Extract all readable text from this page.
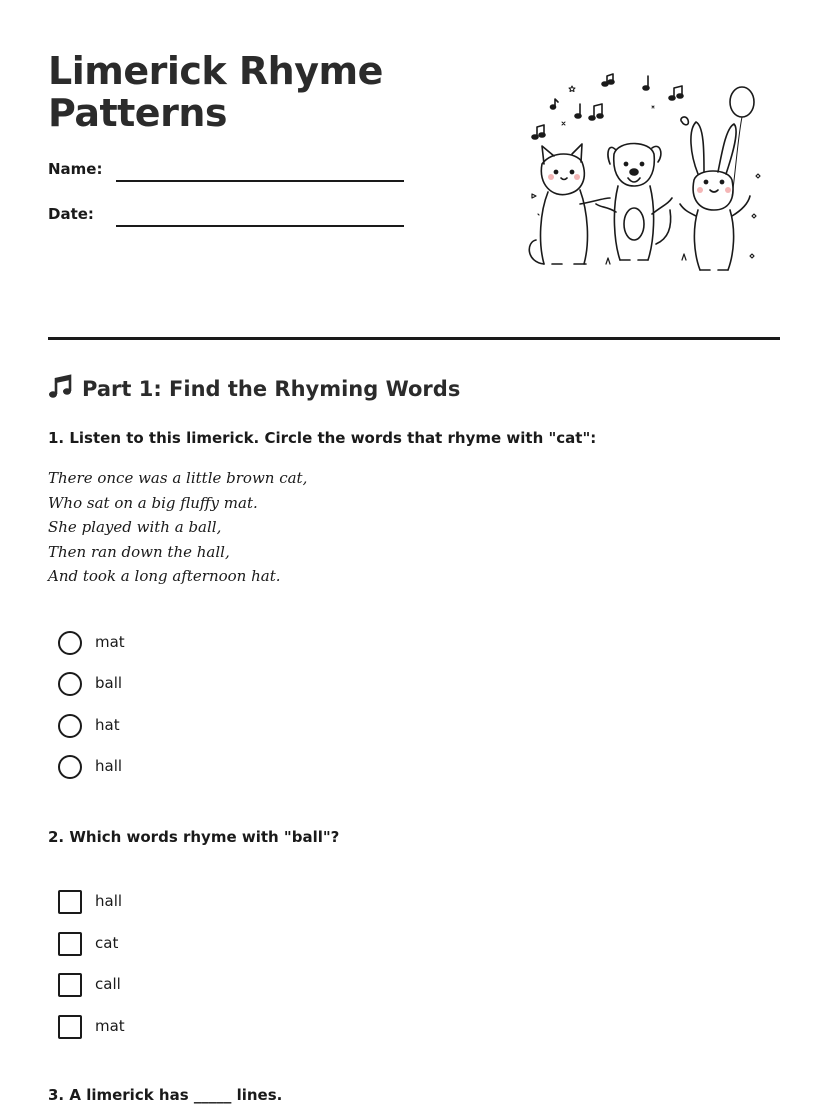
Limerick Rhyme
Patterns
Name:
Date:
Part 1: Find the Rhyming Words

1. Listen to this limerick. Circle the words that rhyme with "cat":

There once was a little brown cat,
Who sat on a big fluffy mat.
She played with a ball,
Then ran down the hall,
And took a long afternoon hat.
mat
ball
hat
hall

2. Which words rhyme with "ball"?

hall
cat
call
mat

3. A limerick has _____ lines.
